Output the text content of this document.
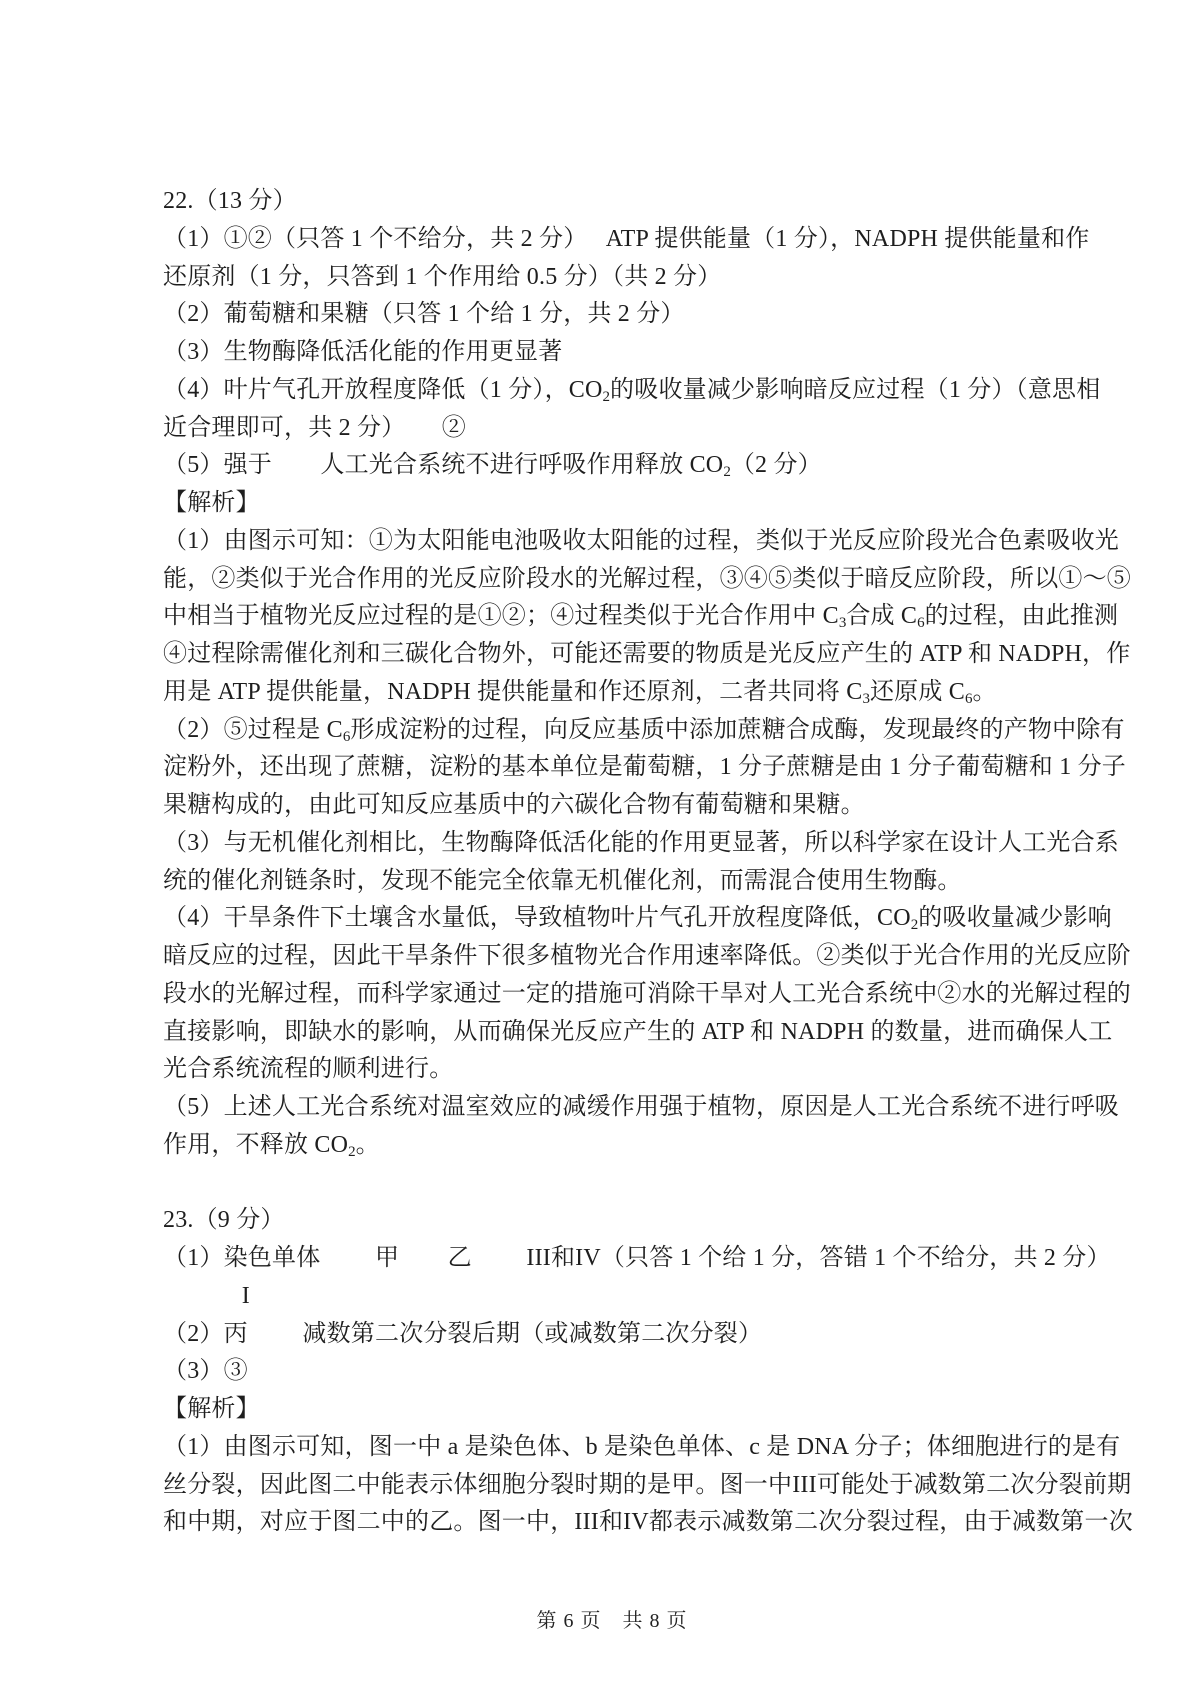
22.（13 分）
（1）①②（只答 1 个不给分，共 2 分）　 ATP 提供能量（1 分），NADPH 提供能量和作
还原剂（1 分，只答到 1 个作用给 0.5 分）（共 2 分）
（2）葡萄糖和果糖（只答 1 个给 1 分，共 2 分）
（3）生物酶降低活化能的作用更显著
（4）叶片气孔开放程度降低（1 分），$CO_2$的吸收量减少影响暗反应过程（1 分）（意思相
近合理即可，共 2 分）　　②
（5）强于　　人工光合系统不进行呼吸作用释放 $CO_2(2$ 分）
【解析】
（1）由图示可知：①为太阳能电池吸收太阳能的过程，类似于光反应阶段光合色素吸收光
能，②类似于光合作用的光反应阶段水的光解过程，③④⑤类似于暗反应阶段，所以①～⑤
中相当于植物光反应过程的是①②；④过程类似于光合作用中 $C_3$合成 $C_6$的过程，由此推测
④过程除需催化剂和三碳化合物外，可能还需要的物质是光反应产生的 ATP 和 NADPH，作
用是 ATP 提供能量，NADPH 提供能量和作还原剂，二者共同将 $C_3$还原成 $C_6$。
（2）⑤过程是 $C_6$形成淀粉的过程，向反应基质中添加蔗糖合成酶，发现最终的产物中除有
淀粉外，还出现了蔗糖，淀粉的基本单位是葡萄糖，1 分子蔗糖是由 1 分子葡萄糖和 1 分子
果糖构成的，由此可知反应基质中的六碳化合物有葡萄糖和果糖。
（3）与无机催化剂相比，生物酶降低活化能的作用更显著，所以科学家在设计人工光合系
统的催化剂链条时，发现不能完全依靠无机催化剂，而需混合使用生物酶。
（4）干旱条件下土壤含水量低，导致植物叶片气孔开放程度降低，$CO_2$的吸收量减少影响
暗反应的过程，因此干旱条件下很多植物光合作用速率降低。②类似于光合作用的光反应阶
段水的光解过程，而科学家通过一定的措施可消除干旱对人工光合系统中②水的光解过程的
直接影响，即缺水的影响，从而确保光反应产生的 ATP 和 NADPH 的数量，进而确保人工
光合系统流程的顺利进行。
（5）上述人工光合系统对温室效应的减缓作用强于植物，原因是人工光合系统不进行呼吸
作用，不释放 $CO_2$。
23.（9 分）
（1）染色单体　　 甲　　乙　　 III和IV（只答 1 个给 1 分，答错 1 个不给分，共 2 分）
　　　 I
（2）丙　　 减数第二次分裂后期（或减数第二次分裂）
（3）③
【解析】
（1）由图示可知，图一中 a 是染色体、b 是染色单体、c 是 DNA 分子；体细胞进行的是有
丝分裂，因此图二中能表示体细胞分裂时期的是甲。图一中III可能处于减数第二次分裂前期
和中期，对应于图二中的乙。图一中，III和IV都表示减数第二次分裂过程，由于减数第一次

第 6 页　共 8 页
